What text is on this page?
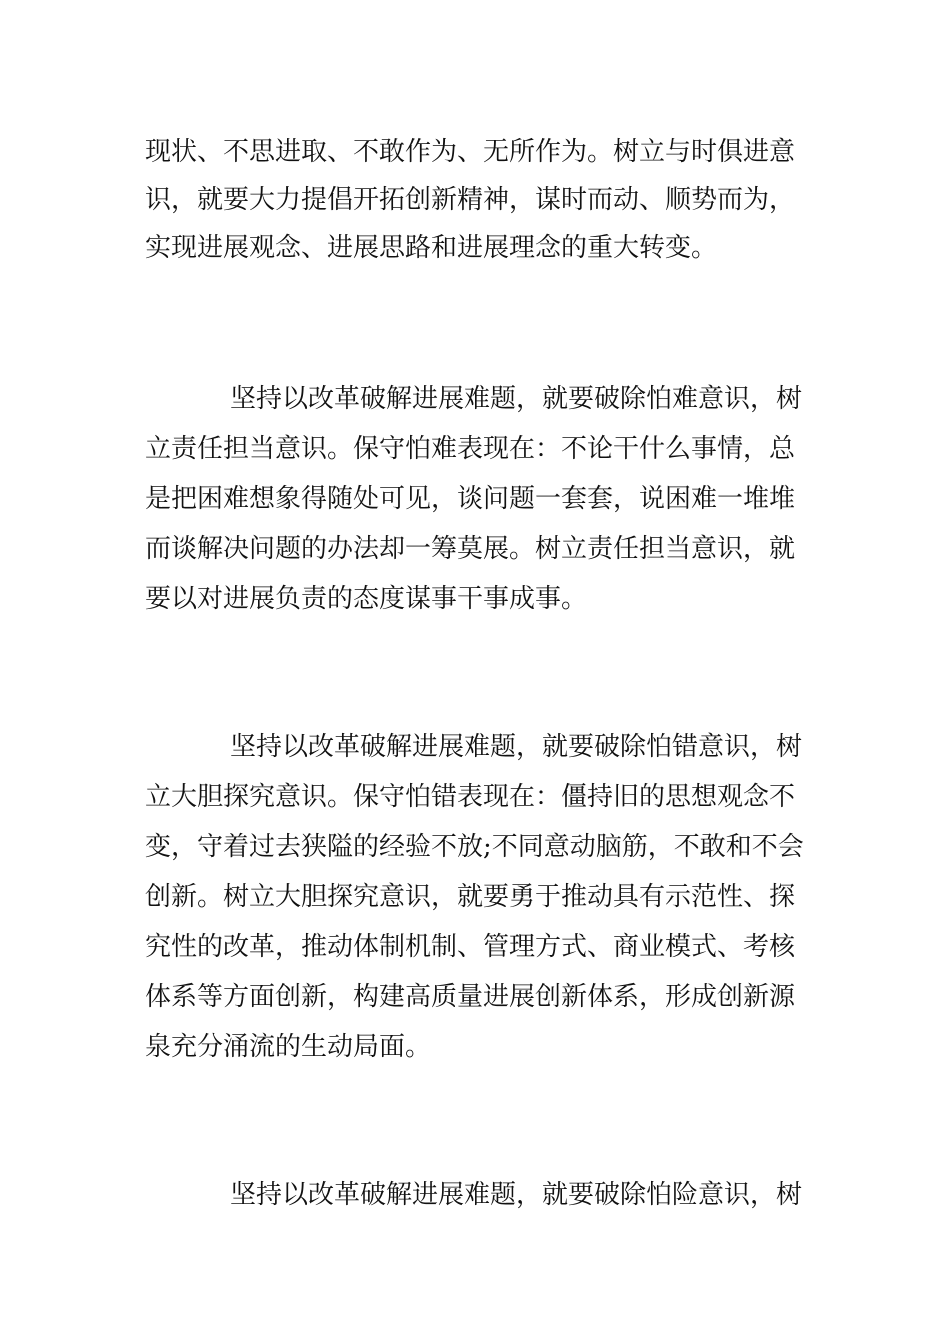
现状、不思进取、不敢作为、无所作为。树立与时俱进意
识，就要大力提倡开拓创新精神，谋时而动、顺势而为，
实现进展观念、进展思路和进展理念的重大转变。
坚持以改革破解进展难题，就要破除怕难意识，树
立责任担当意识。保守怕难表现在：不论干什么事情，总
是把困难想象得随处可见，谈问题一套套，说困难一堆堆
而谈解决问题的办法却一筹莫展。树立责任担当意识，就
要以对进展负责的态度谋事干事成事。
坚持以改革破解进展难题，就要破除怕错意识，树
立大胆探究意识。保守怕错表现在：僵持旧的思想观念不
变，守着过去狭隘的经验不放;不同意动脑筋，不敢和不会
创新。树立大胆探究意识，就要勇于推动具有示范性、探
究性的改革，推动体制机制、管理方式、商业模式、考核
体系等方面创新，构建高质量进展创新体系，形成创新源
泉充分涌流的生动局面。
坚持以改革破解进展难题，就要破除怕险意识，树
